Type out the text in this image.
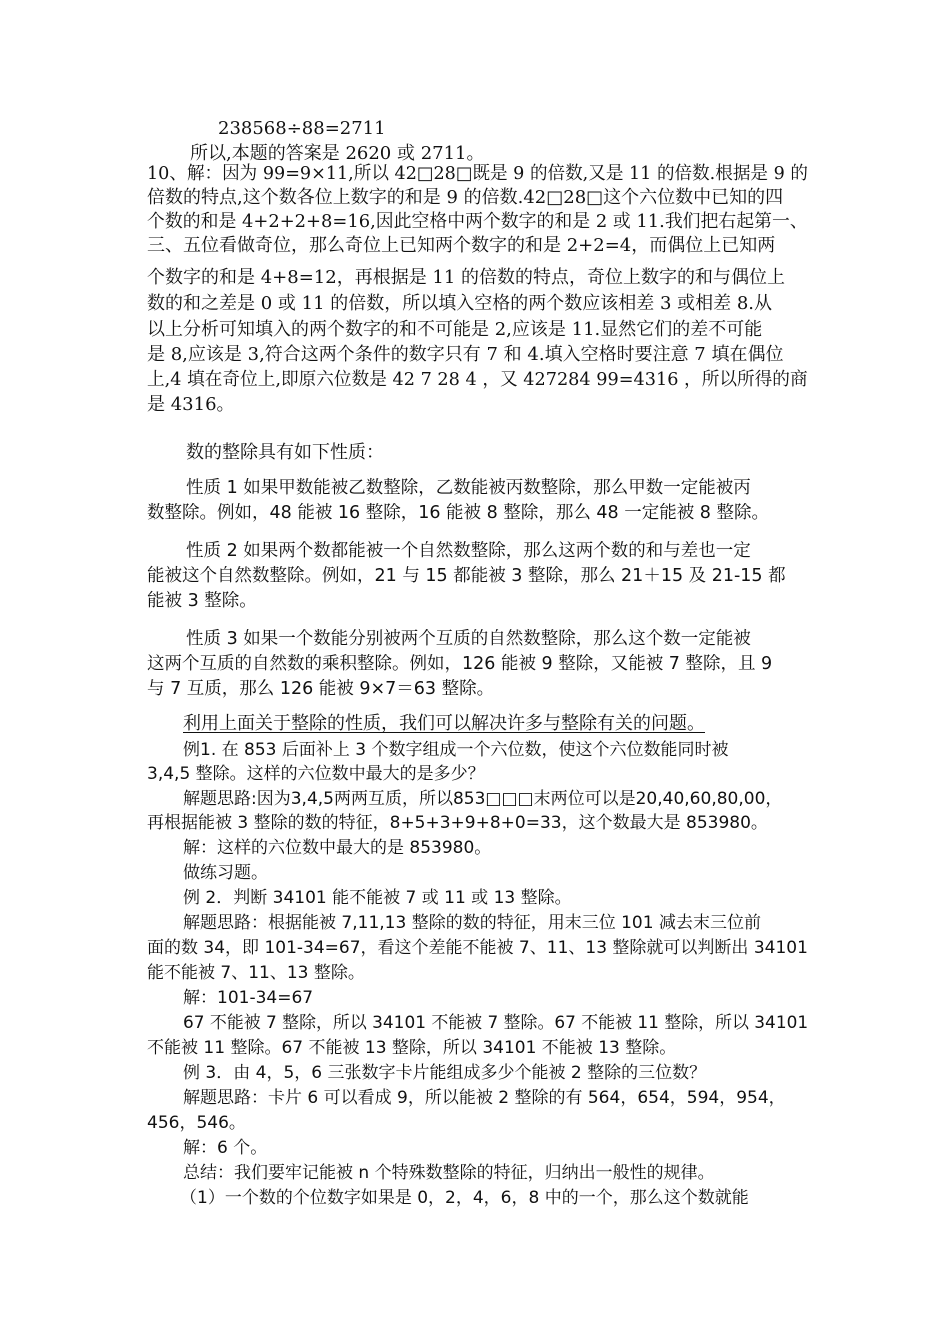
238568÷88=2711
所以,本题的答案是 2620 或 2711。
10、解：因为 99=9×11,所以 42□28□既是 9 的倍数,又是 11 的倍数.根据是 9 的
倍数的特点,这个数各位上数字的和是 9 的倍数.42□28□这个六位数中已知的四
个数的和是 4+2+2+8=16,因此空格中两个数字的和是 2 或 11.我们把右起第一、
三、五位看做奇位，那么奇位上已知两个数字的和是 2+2=4，而偶位上已知两
个数字的和是 4+8=12，再根据是 11 的倍数的特点，奇位上数字的和与偶位上
数的和之差是 0 或 11 的倍数，所以填入空格的两个数应该相差 3 或相差 8.从
以上分析可知填入的两个数字的和不可能是 2,应该是 11.显然它们的差不可能
是 8,应该是 3,符合这两个条件的数字只有 7 和 4.填入空格时要注意 7 填在偶位
上,4 填在奇位上,即原六位数是 42 7 28 4 ，又 427284 99=4316 ，所以所得的商
是 4316。
数的整除具有如下性质：
性质 1 如果甲数能被乙数整除，乙数能被丙数整除，那么甲数一定能被丙
数整除。例如，48 能被 16 整除，16 能被 8 整除，那么 48 一定能被 8 整除。
性质 2 如果两个数都能被一个自然数整除，那么这两个数的和与差也一定
能被这个自然数整除。例如，21 与 15 都能被 3 整除，那么 21＋15 及 21-15 都
能被 3 整除。
性质 3 如果一个数能分别被两个互质的自然数整除，那么这个数一定能被
这两个互质的自然数的乘积整除。例如，126 能被 9 整除，又能被 7 整除，且 9
与 7 互质，那么 126 能被 9×7＝63 整除。
利用上面关于整除的性质，我们可以解决许多与整除有关的问题。
例1. 在 853 后面补上 3 个数字组成一个六位数，使这个六位数能同时被
3,4,5 整除。这样的六位数中最大的是多少？
解题思路:因为3,4,5两两互质，所以853□□□末两位可以是20,40,60,80,00，
再根据能被 3 整除的数的特征，8+5+3+9+8+0=33，这个数最大是 853980。
解：这样的六位数中最大的是 853980。
做练习题。
例 2．判断 34101 能不能被 7 或 11 或 13 整除。
解题思路：根据能被 7,11,13 整除的数的特征，用末三位 101 减去末三位前
面的数 34，即 101-34=67，看这个差能不能被 7、11、13 整除就可以判断出 34101
能不能被 7、11、13 整除。
解：101-34=67
67 不能被 7 整除，所以 34101 不能被 7 整除。67 不能被 11 整除，所以 34101
不能被 11 整除。67 不能被 13 整除，所以 34101 不能被 13 整除。
例 3．由 4，5，6 三张数字卡片能组成多少个能被 2 整除的三位数？
解题思路：卡片 6 可以看成 9，所以能被 2 整除的有 564，654，594，954，
456，546。
解：6 个。
总结：我们要牢记能被 n 个特殊数整除的特征，归纳出一般性的规律。
（1）一个数的个位数字如果是 0，2，4，6，8 中的一个，那么这个数就能
